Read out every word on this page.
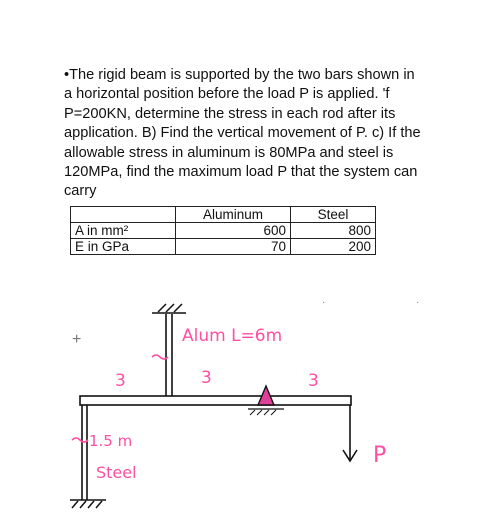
•The rigid beam is supported by the two bars shown in a horizontal position before the load P is applied. 'f P=200KN, determine the stress in each rod after its application. B) Find the vertical movement of P. c) If the allowable stress in aluminum is 80MPa and steel is 120MPa, find the maximum load P that the system can carry

	Aluminum	Steel
A in mm²	600	800
E in GPa	70	200
+	Alum L=6m
3	3	3
1.5 m
Steel
P
·	·
